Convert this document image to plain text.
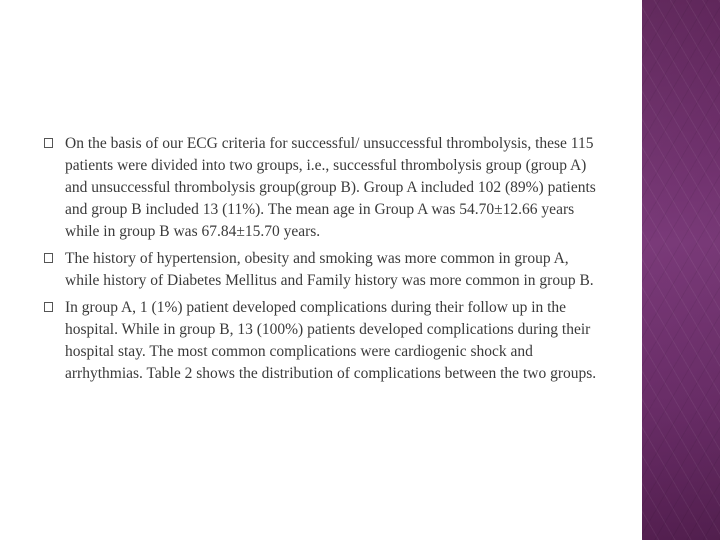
On the basis of our ECG criteria for successful/ unsuccessful thrombolysis, these 115 patients were divided into two groups, i.e., successful thrombolysis group (group A) and unsuccessful thrombolysis group(group B). Group A included 102 (89%) patients and group B included 13 (11%). The mean age in Group A was 54.70±12.66 years while in group B was 67.84±15.70 years.
The history of hypertension, obesity and smoking was more common in group A, while history of Diabetes Mellitus and Family history was more common in group B.
In group A, 1 (1%) patient developed complications during their follow up in the hospital. While in group B, 13 (100%) patients developed complications during their hospital stay. The most common complications were cardiogenic shock and arrhythmias. Table 2 shows the distribution of complications between the two groups.
